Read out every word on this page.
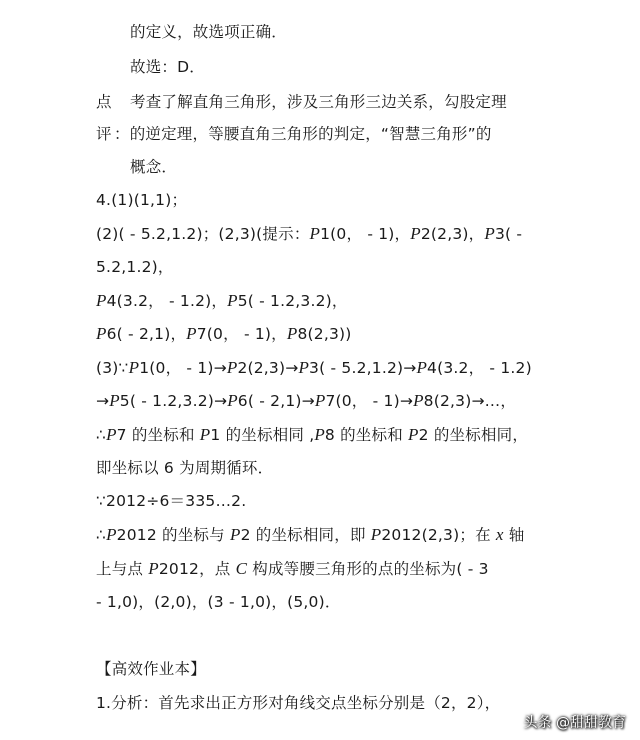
的定义，故选项正确．
故选：D．
点 考查了解直角三角形，涉及三角形三边关系，勾股定理
评 ：的逆定理，等腰直角三角形的判定，“智慧三角形”的
概念．
4.(1)(1,1)；
(2)( - 5.2,1.2)；(2,3)(提示：P1(0， - 1)，P2(2,3)，P3( -
5.2,1.2)，
P4(3.2， - 1.2)，P5( - 1.2,3.2)，
P6( - 2,1)，P7(0， - 1)，P8(2,3))
(3)∵P1(0， - 1)→P2(2,3)→P3( - 5.2,1.2)→P4(3.2， - 1.2)
→P5( - 1.2,3.2)→P6( - 2,1)→P7(0， - 1)→P8(2,3)→…，
∴P7 的坐标和 P1 的坐标相同 ,P8 的坐标和 P2 的坐标相同，
即坐标以 6 为周期循环．
∵2012÷6＝335…2.
∴P2012 的坐标与 P2 的坐标相同，即 P2012(2,3)；在 x 轴
上与点 P2012，点 C 构成等腰三角形的点的坐标为( - 3
- 1,0)，(2,0)，(3 - 1,0)，(5,0)．
【高效作业本】
1.分析：首先求出正方形对角线交点坐标分别是（2，2），
头条 @甜甜教育
